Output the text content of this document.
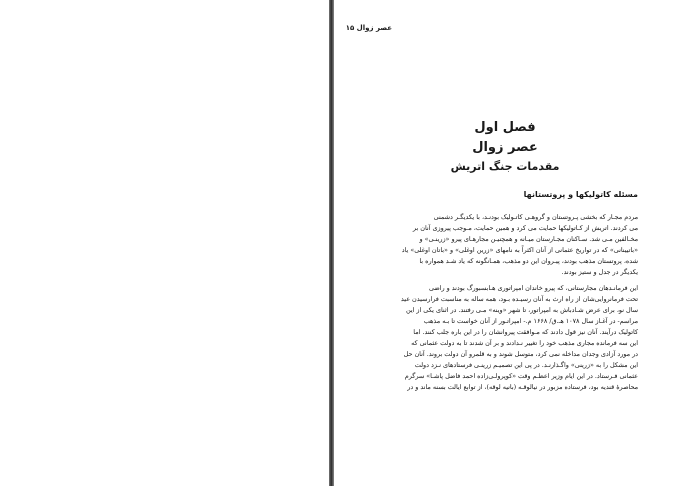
عصر زوال ۱۵
فصل اول
عصر زوال
مقدمات جنگ اتریش
مسئله کاتولیکها و پروتستانها

مردم مجـار که بخشی پـروتستان و گروهـی کاتـولیک بودنـد، با یکدیگـر دشمنی
می کردند. اتریش از کـاتولیکها حمایت می کرد و همین حمایت، مـوجب پیروزی آنان بر
مخـالفین مـی شد. سـاکنان مجـارستان میـانه و همچنیـن مجارهـای پیرو «زرینـی» و
«باتیینانی» که در تواریخ عثمانی از آنان اکثراً به نامهای «زرین اوغلی» و «باتان اوغلی» یاد
شده، پروتستان مذهب بودند، پیـروان این دو مذهب، همـانگونه که یاد شـد همواره با
یکدیگر در جدل و ستیز بودند.

این فرمانـدهان مجارستانی، که پیرو خاندان امپراتوری هـابسبورگ بودند و راضی
تحت فرمانروایی‌شان از راه ارث به آنان رسیـده بـود، همه ساله به مناسبت فرارسیدن عید
سال نو، برای عرض شـادباش به امپراتور، تا شهر «وینه» مـی رفتند. در اثنای یکی از این
مراسم- در آغـاز سال ۱۰۷۸ هـ.ق/ ۱۶۶۸ م.- امپراتـور از آنان خواست تا بـه مذهب
کاتولیک درآیند. آنان نیز قول دادند که مـوافقت پیروانشان را در این باره جلب کنند. اما
این سه فرمانده مجاری مذهب خود را تغییر نـدادند و بر آن شدند تا به دولت عثمانی که
در مورد آزادی وجدان مداخله نمی کرد، متوسل شوند و به قلمرو آن دولت بروند. آنان حل
این مشکل را به «زرینی» واگـذارنـد. در پی این تصمیـم زرینـی فرستادهای نـزد دولت
عثمانی فـرستاد. در این ایام وزیر اعظـم وقت «کوپرولـی‌زاده احمد فاضل پاشـا» سرگرم
محاصرهٔ قندیه بود، فرستاده مزبور در نیالوقـه (بانیه لوقه)، از توابع ایالت بسنه ماند و در
